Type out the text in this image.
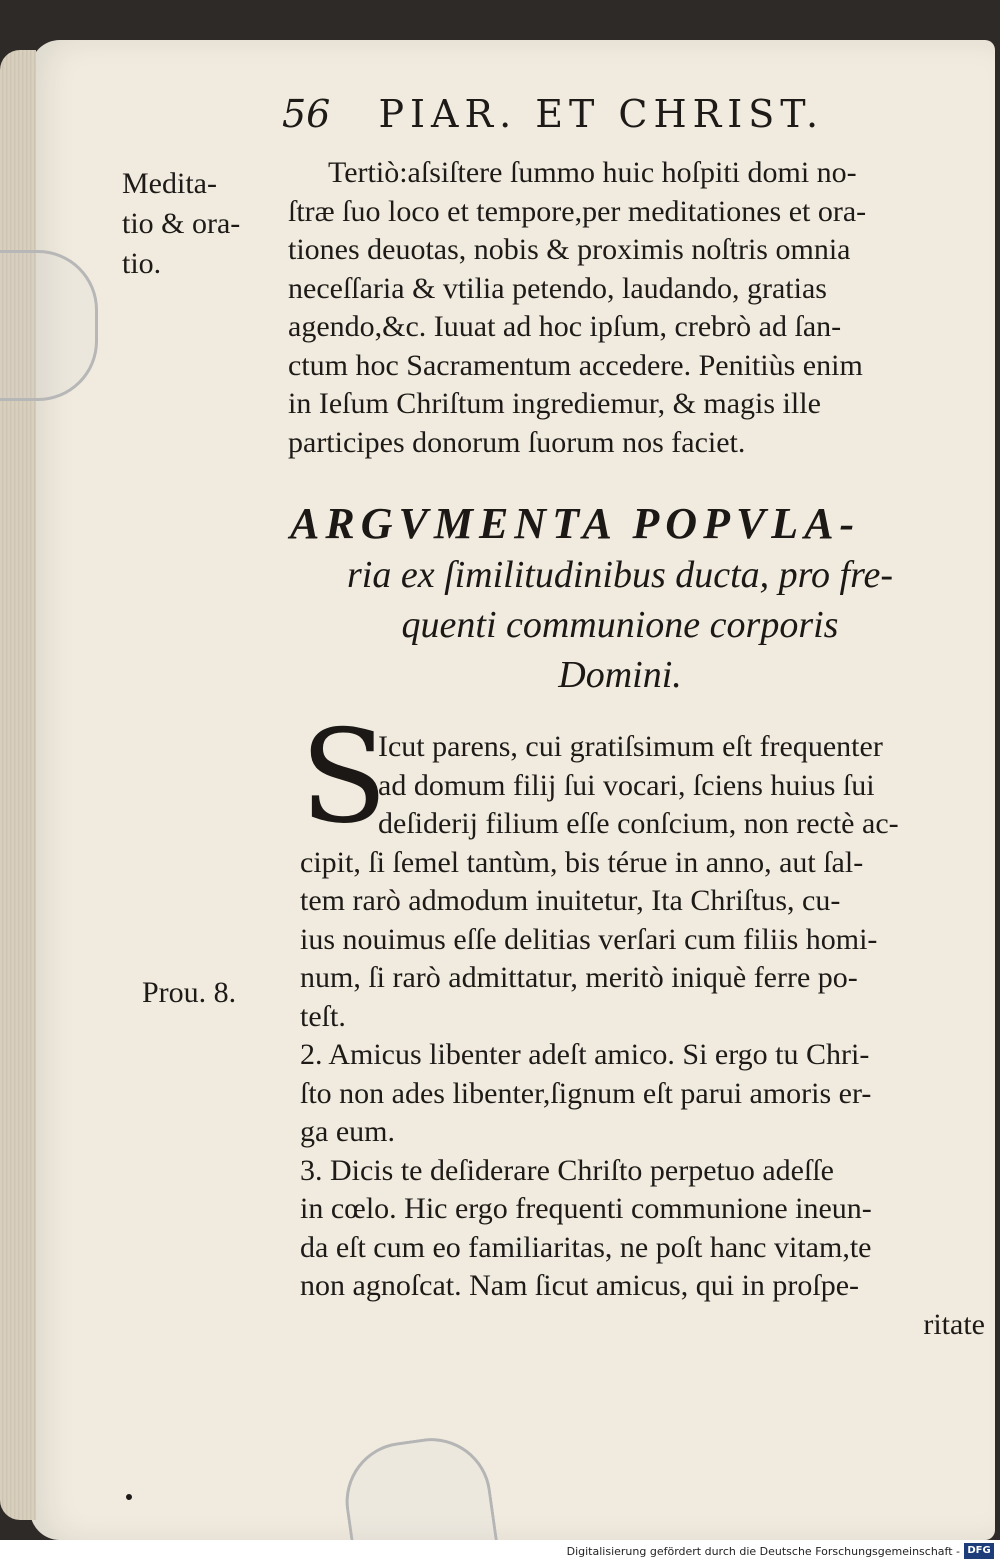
56 PIAR. ET CHRIST.
Medita-
tio & ora-
tio.
Tertiò:aſsiſtere ſummo huic hoſpiti domi no-
ſtræ ſuo loco et tempore,per meditationes et ora-
tiones deuotas, nobis & proximis noſtris omnia
neceſſaria & vtilia petendo, laudando, gratias
agendo,&c. Iuuat ad hoc ipſum, crebrò ad ſan-
ctum hoc Sacramentum accedere. Penitiùs enim
in Ieſum Chriſtum ingrediemur, & magis ille
participes donorum ſuorum nos faciet.
ARGVMENTA POPVLA-
ria ex ſimilitudinibus ducta, pro fre-
quenti communione corporis
Domini.
S
Icut parens, cui gratiſsimum eſt frequenter
ad domum filij ſui vocari, ſciens huius ſui
deſiderij filium eſſe conſcium, non rectè ac-
cipit, ſi ſemel tantùm, bis térue in anno, aut ſal-
tem rarò admodum inuitetur, Ita Chriſtus, cu-
ius nouimus eſſe delitias verſari cum filiis homi-
num, ſi rarò admittatur, meritò iniquè ferre po-
teſt.
2. Amicus libenter adeſt amico. Si ergo tu Chri-
ſto non ades libenter,ſignum eſt parui amoris er-
ga eum.
3. Dicis te deſiderare Chriſto perpetuo adeſſe
in cœlo. Hic ergo frequenti communione ineun-
da eſt cum eo familiaritas, ne poſt hanc vitam,te
non agnoſcat. Nam ſicut amicus, qui in proſpe-
ritate
Prou. 8.
Digitalisierung gefördert durch die Deutsche Forschungsgemeinschaft - DFG
